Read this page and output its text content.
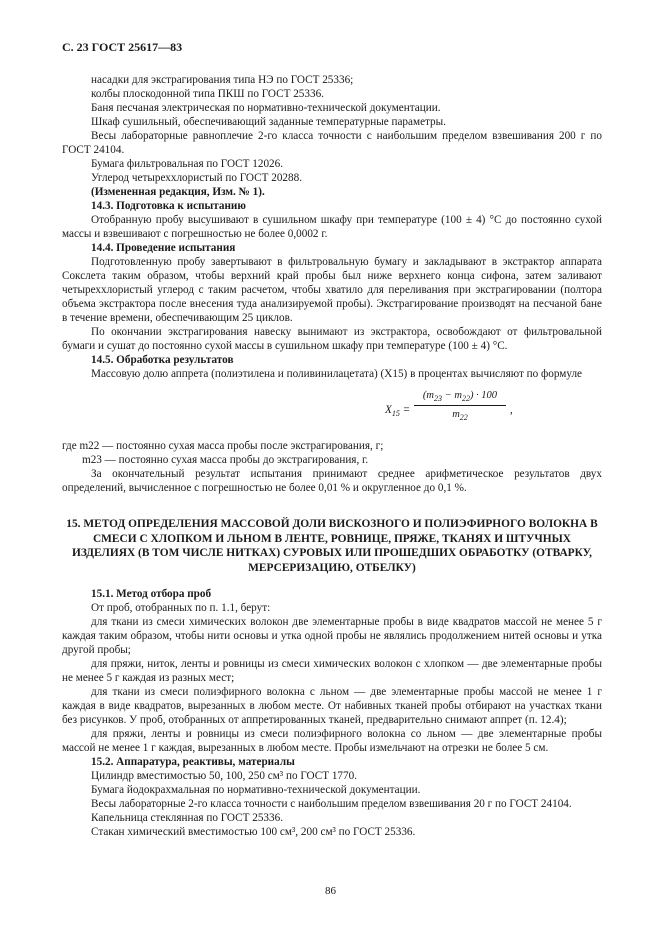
С. 23 ГОСТ 25617—83

насадки для экстрагирования типа НЭ по ГОСТ 25336;

колбы плоскодонной типа ПКШ по ГОСТ 25336.

Баня песчаная электрическая по нормативно-технической документации.

Шкаф сушильный, обеспечивающий заданные температурные параметры.

Весы лабораторные равноплечие 2-го класса точности с наибольшим пределом взвешивания 200 г по ГОСТ 24104.

Бумага фильтровальная по ГОСТ 12026.

Углерод четыреххлористый по ГОСТ 20288.

(Измененная редакция, Изм. № 1).

14.3. Подготовка к испытанию

Отобранную пробу высушивают в сушильном шкафу при температуре (100 ± 4) °С до постоянно сухой массы и взвешивают с погрешностью не более 0,0002 г.

14.4. Проведение испытания

Подготовленную пробу завертывают в фильтровальную бумагу и закладывают в экстрактор аппарата Сокслета таким образом, чтобы верхний край пробы был ниже верхнего конца сифона, затем заливают четыреххлористый углерод с таким расчетом, чтобы хватило для переливания при экстрагировании (полтора объема экстрактора после внесения туда анализируемой пробы). Экстрагирование производят на песчаной бане в течение времени, обеспечивающим 25 циклов.

По окончании экстрагирования навеску вынимают из экстрактора, освобождают от фильтровальной бумаги и сушат до постоянно сухой массы в сушильном шкафу при температуре (100 ± 4) °С.

14.5. Обработка результатов

Массовую долю аппрета (полиэтилена и поливинилацетата) (X15) в процентах вычисляют по формуле

$X_{15}$ =
$(m_{23} - m_{22}) \cdot 100$
$m_{22}$
,

где m22 — постоянно сухая масса пробы после экстрагирования, г;

m23 — постоянно сухая масса пробы до экстрагирования, г.

За окончательный результат испытания принимают среднее арифметическое результатов двух определений, вычисленное с погрешностью не более 0,01 % и округленное до 0,1 %.

15. МЕТОД ОПРЕДЕЛЕНИЯ МАССОВОЙ ДОЛИ ВИСКОЗНОГО И ПОЛИЭФИРНОГО ВОЛОКНА В СМЕСИ С ХЛОПКОМ И ЛЬНОМ В ЛЕНТЕ, РОВНИЦЕ, ПРЯЖЕ, ТКАНЯХ И ШТУЧНЫХ ИЗДЕЛИЯХ (В ТОМ ЧИСЛЕ НИТКАХ) СУРОВЫХ ИЛИ ПРОШЕДШИХ ОБРАБОТКУ (ОТВАРКУ, МЕРСЕРИЗАЦИЮ, ОТБЕЛКУ)

15.1. Метод отбора проб

От проб, отобранных по п. 1.1, берут:

для ткани из смеси химических волокон две элементарные пробы в виде квадратов массой не менее 5 г каждая таким образом, чтобы нити основы и утка одной пробы не являлись продолжением нитей основы и утка другой пробы;

для пряжи, ниток, ленты и ровницы из смеси химических волокон с хлопком — две элементарные пробы не менее 5 г каждая из разных мест;

для ткани из смеси полиэфирного волокна с льном — две элементарные пробы массой не менее 1 г каждая в виде квадратов, вырезанных в любом месте. От набивных тканей пробы отбирают на участках ткани без рисунков. У проб, отобранных от аппретированных тканей, предварительно снимают аппрет (п. 12.4);

для пряжи, ленты и ровницы из смеси полиэфирного волокна со льном — две элементарные пробы массой не менее 1 г каждая, вырезанных в любом месте. Пробы измельчают на отрезки не более 5 см.

15.2. Аппаратура, реактивы, материалы

Цилиндр вместимостью 50, 100, 250 см³ по ГОСТ 1770.

Бумага йодокрахмальная по нормативно-технической документации.

Весы лабораторные 2-го класса точности с наибольшим пределом взвешивания 20 г по ГОСТ 24104.

Капельница стеклянная по ГОСТ 25336.

Стакан химический вместимостью 100 см³, 200 см³ по ГОСТ 25336.

86
